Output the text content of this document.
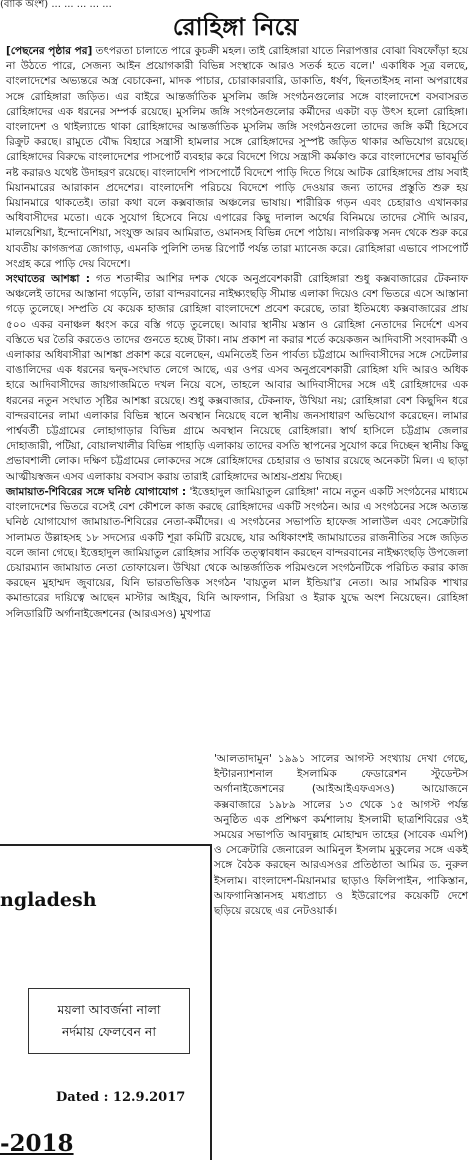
(বাকি অংশ) ... ... ... ... ...
রোহিঙ্গা নিয়ে

[পেছনের পৃষ্ঠার পর] তৎপরতা চালাতে পারে কুচক্রী মহল। তাই রোহিঙ্গারা যাতে নিরাপত্তার বোঝা বিষফোঁড়া হয়ে না উঠতে পারে, সেজন্য আইন প্রয়োগকারী বিভিন্ন সংস্থাকে আরও সতর্ক হতে বলে।' একাধিক সূত্র বলছে, বাংলাদেশের অভ্যন্তরে অস্ত্র বেচাকেনা, মাদক পাচার, চোরাকারবারি, ডাকাতি, ধর্ষণ, ছিনতাইসহ নানা অপরাধের সঙ্গে রোহিঙ্গারা জড়িত। এর বাইরে আন্তর্জাতিক মুসলিম জঙ্গি সংগঠনগুলোর সঙ্গে বাংলাদেশে বসবাসরত রোহিঙ্গাদের এক ধরনের সম্পর্ক রয়েছে। মুসলিম জঙ্গি সংগঠনগুলোর কর্মীদের একটা বড় উৎস হলো রোহিঙ্গা। বাংলাদেশ ও থাইল্যান্ডে থাকা রোহিঙ্গাদের আন্তর্জাতিক মুসলিম জঙ্গি সংগঠনগুলো তাদের জঙ্গি কর্মী হিসেবে রিক্রুট করছে। রামুতে বৌদ্ধ বিহারে সন্ত্রাসী হামলার সঙ্গে রোহিঙ্গাদের সুস্পষ্ট জড়িত থাকার অভিযোগ রয়েছে। রোহিঙ্গাদের বিরুদ্ধে বাংলাদেশের পাসপোর্ট ব্যবহার করে বিদেশে গিয়ে সন্ত্রাসী কর্মকাণ্ড করে বাংলাদেশের ভাবমূর্তি নষ্ট করারও যথেষ্ট উদাহরণ রয়েছে। বাংলাদেশি পাসপোর্টে বিদেশে পাড়ি দিতে গিয়ে আটক রোহিঙ্গাদের প্রায় সবাই মিয়ানমারের আরাকান প্রদেশের। বাংলাদেশি পরিচয়ে বিদেশে পাড়ি দেওয়ার জন্য তাদের প্রস্তুতি শুরু হয় মিয়ানমারে থাকতেই। তারা কথা বলে কক্সবাজার অঞ্চলের ভাষায়। শারীরিক গড়ন এবং চেহারাও এখানকার অধিবাসীদের মতো। একে সুযোগ হিসেবে নিয়ে এপারের কিছু দালাল অর্থের বিনিময়ে তাদের সৌদি আরব, মালয়েশিয়া, ইন্দোনেশিয়া, সংযুক্ত আরব আমিরাত, ওমানসহ বিভিন্ন দেশে পাঠায়। নাগরিকত্ব সনদ থেকে শুরু করে যাবতীয় কাগজপত্র জোগাড়, এমনকি পুলিশি তদন্ত রিপোর্ট পর্যন্ত তারা ম্যানেজ করে। রোহিঙ্গারা এভাবে পাসপোর্ট সংগ্রহ করে পাড়ি দেয় বিদেশে।

সংঘাতের আশঙ্কা : গত শতাব্দীর আশির দশক থেকে অনুপ্রবেশকারী রোহিঙ্গারা শুধু কক্সবাজারের টেকনাফ অঞ্চলেই তাদের আস্তানা গড়েনি, তারা বান্দরবানের নাইক্ষ্যংছড়ি সীমান্ত এলাকা দিয়েও বেশ ভিতরে এসে আস্তানা গড়ে তুলেছে। সম্প্রতি যে কয়েক হাজার রোহিঙ্গা বাংলাদেশে প্রবেশ করেছে, তারা ইতিমধ্যে কক্সবাজারের প্রায় ৫০০ একর বনাঞ্চল ধ্বংস করে বস্তি গড়ে তুলেছে। আবার স্থানীয় মস্তান ও রোহিঙ্গা নেতাদের নির্দেশে এসব বস্তিতে ঘর তৈরি করতেও তাদের গুনতে হচ্ছে টাকা। নাম প্রকাশ না করার শর্তে কয়েকজন আদিবাসী সংবাদকর্মী ও এলাকার অধিবাসীরা আশঙ্কা প্রকাশ করে বলেছেন, এমনিতেই তিন পার্বত্য চট্টগ্রামে আদিবাসীদের সঙ্গে সেটেলার বাঙালিদের এক ধরনের দ্বন্দ্ব-সংঘাত লেগে আছে, এর ওপর এসব অনুপ্রবেশকারী রোহিঙ্গা যদি আরও অধিক হারে আদিবাসীদের জায়গাজমিতে দখল নিয়ে বসে, তাহলে আবার আদিবাসীদের সঙ্গে এই রোহিঙ্গাদের এক ধরনের নতুন সংঘাত সৃষ্টির আশঙ্কা রয়েছে। শুধু কক্সবাজার, টেকনাফ, উখিয়া নয়; রোহিঙ্গারা বেশ কিছুদিন ধরে বান্দরবানের লামা এলাকার বিভিন্ন স্থানে অবস্থান নিয়েছে বলে স্থানীয় জনসাধারণ অভিযোগ করেছেন। লামার পার্শ্ববর্তী চট্টগ্রামের লোহাগাড়ার বিভিন্ন গ্রামে অবস্থান নিয়েছে রোহিঙ্গারা। স্বার্থ হাসিলে চট্টগ্রাম জেলার দোহাজারী, পটিয়া, বোয়ালখালীর বিভিন্ন পাহাড়ি এলাকায় তাদের বসতি স্থাপনের সুযোগ করে দিচ্ছেন স্থানীয় কিছু প্রভাবশালী লোক। দক্ষিণ চট্টগ্রামের লোকদের সঙ্গে রোহিঙ্গাদের চেহারার ও ভাষার রয়েছে অনেকটা মিল। এ ছাড়া আত্মীয়স্বজন এসব এলাকায় বসবাস করায় তারাই রোহিঙ্গাদের আশ্রয়-প্রশ্রয় দিচ্ছে।

জামায়াত-শিবিরের সঙ্গে ঘনিষ্ঠ যোগাযোগ : 'ইত্তেহাদুল জামিয়াতুল রোহিঙ্গা' নামে নতুন একটি সংগঠনের মাধ্যমে বাংলাদেশের ভিতরে বসেই বেশ কৌশলে কাজ করছে রোহিঙ্গাদের একটি সংগঠন। আর এ সংগঠনের সঙ্গে অত্যন্ত ঘনিষ্ঠ যোগাযোগ জামায়াত-শিবিরের নেতা-কর্মীদের। এ সংগঠনের সভাপতি হাফেজ সালাউল এবং সেক্রেটারি সালামত উল্লাহসহ ১৮ সদস্যের একটি শূরা কমিটি রয়েছে, যার অধিকাংশই জামায়াতের রাজনীতির সঙ্গে জড়িত বলে জানা গেছে। ইত্তেহাদুল জামিয়াতুল রোহিঙ্গার সার্বিক তত্ত্বাবধান করছেন বান্দরবানের নাইক্ষ্যংছড়ি উপজেলা চেয়ারম্যান জামায়াত নেতা তোফায়েল। উখিয়া থেকে আন্তর্জাতিক পরিমণ্ডলে সংগঠনটিকে পরিচিত করার কাজ করছেন মুহাম্মদ জুবায়ের, যিনি ভারতভিত্তিক সংগঠন 'বায়তুল মাল ইন্ডিয়া'র নেতা। আর সামরিক শাখার কমান্ডারের দায়িত্বে আছেন মাস্টার আইয়ুব, যিনি আফগান, সিরিয়া ও ইরাক যুদ্ধে অংশ নিয়েছেন। রোহিঙ্গা সলিডারিটি অর্গানাইজেশনের (আরএসও) মুখপাত্র

ngladesh
ময়লা আবর্জনা নালা
নর্দমায় ফেলবেন না
Dated : 12.9.2017
-2018

'আলতাদামুন' ১৯৯১ সালের আগস্ট সংখ্যায় দেখা গেছে, ইন্টারন্যাশনাল ইসলামিক ফেডারেশন স্টুডেন্টস অর্গানাইজেশনের (আইআইএফএসও) আয়োজনে কক্সবাজারে ১৯৮৯ সালের ১৩ থেকে ১৫ আগস্ট পর্যন্ত অনুষ্ঠিত এক প্রশিক্ষণ কর্মশালায় ইসলামী ছাত্রশিবিরের ওই সময়ের সভাপতি আবদুল্লাহ মোহাম্মদ তাহের (সাবেক এমপি) ও সেক্রেটারি জেনারেল আমিনুল ইসলাম মুকুলের সঙ্গে একই সঙ্গে বৈঠক করছেন আরএসওর প্রতিষ্ঠাতা আমির ড. নুরুল ইসলাম। বাংলাদেশ-মিয়ানমার ছাড়াও ফিলিপাইন, পাকিস্তান, আফগানিস্তানসহ মধ্যপ্রাচ্য ও ইউরোপের কয়েকটি দেশে ছড়িয়ে রয়েছে এর নেটওয়ার্ক।
